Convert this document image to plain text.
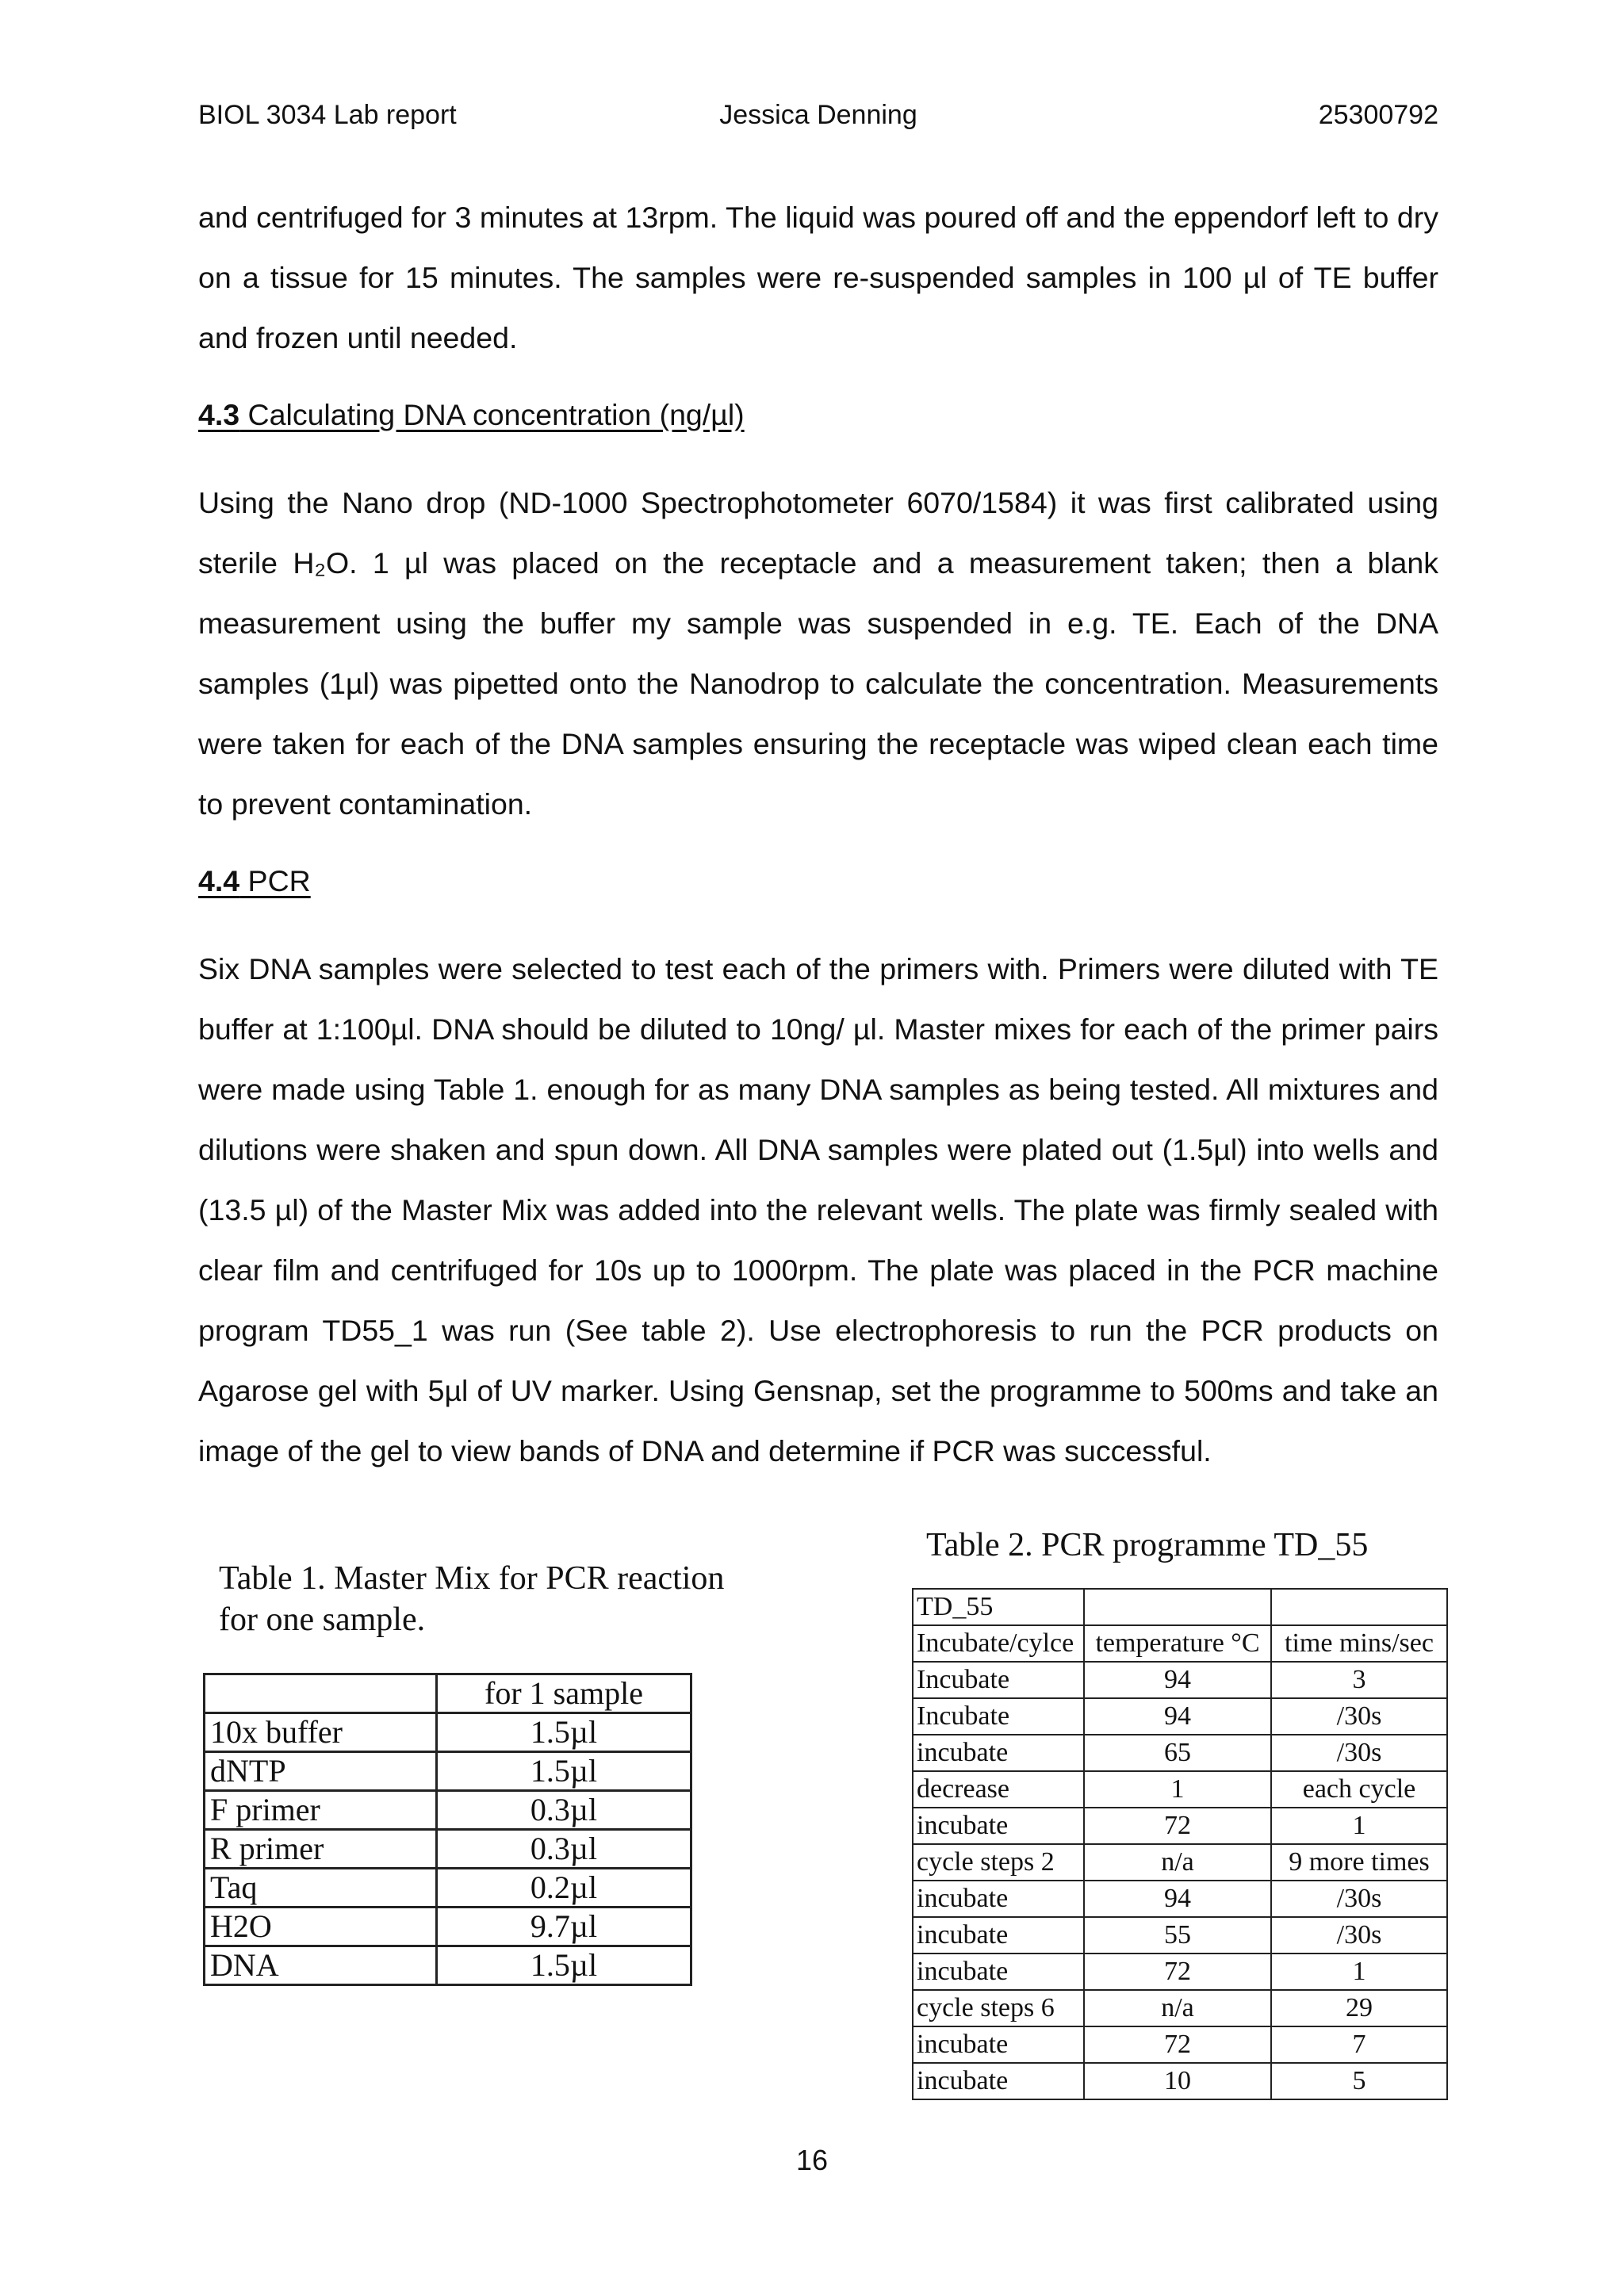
BIOL 3034 Lab report	Jessica Denning	25300792
and centrifuged for 3 minutes at 13rpm. The liquid was poured off and the eppendorf left to dry on a tissue for 15 minutes. The samples were re-suspended samples in 100 µl of TE buffer and frozen until needed.
4.3 Calculating DNA concentration (ng/µl)
Using the Nano drop (ND-1000 Spectrophotometer 6070/1584) it was first calibrated using sterile H₂O. 1 µl was placed on the receptacle and a measurement taken; then a blank measurement using the buffer my sample was suspended in e.g. TE. Each of the DNA samples (1µl) was pipetted onto the Nanodrop to calculate the concentration. Measurements were taken for each of the DNA samples ensuring the receptacle was wiped clean each time to prevent contamination.
4.4 PCR
Six DNA samples were selected to test each of the primers with. Primers were diluted with TE buffer at 1:100µl. DNA should be diluted to 10ng/ µl. Master mixes for each of the primer pairs were made using Table 1. enough for as many DNA samples as being tested. All mixtures and dilutions were shaken and spun down. All DNA samples were plated out (1.5µl) into wells and (13.5 µl) of the Master Mix was added into the relevant wells. The plate was firmly sealed with clear film and centrifuged for 10s up to 1000rpm. The plate was placed in the PCR machine program TD55_1 was run (See table 2). Use electrophoresis to run the PCR products on Agarose gel with 5µl of UV marker. Using Gensnap, set the programme to 500ms and take an image of the gel to view bands of DNA and determine if PCR was successful.
Table 1. Master Mix for PCR reaction
for one sample.
	for 1 sample
10x buffer	1.5µl
dNTP	1.5µl
F primer	0.3µl
R primer	0.3µl
Taq	0.2µl
H2O	9.7µl
DNA	1.5µl
Table 2. PCR programme TD_55
TD_55		
Incubate/cylce	temperature °C	time mins/sec
Incubate	94	3
Incubate	94	/30s
incubate	65	/30s
decrease	1	each cycle
incubate	72	1
cycle steps 2	n/a	9 more times
incubate	94	/30s
incubate	55	/30s
incubate	72	1
cycle steps 6	n/a	29
incubate	72	7
incubate	10	5
16
